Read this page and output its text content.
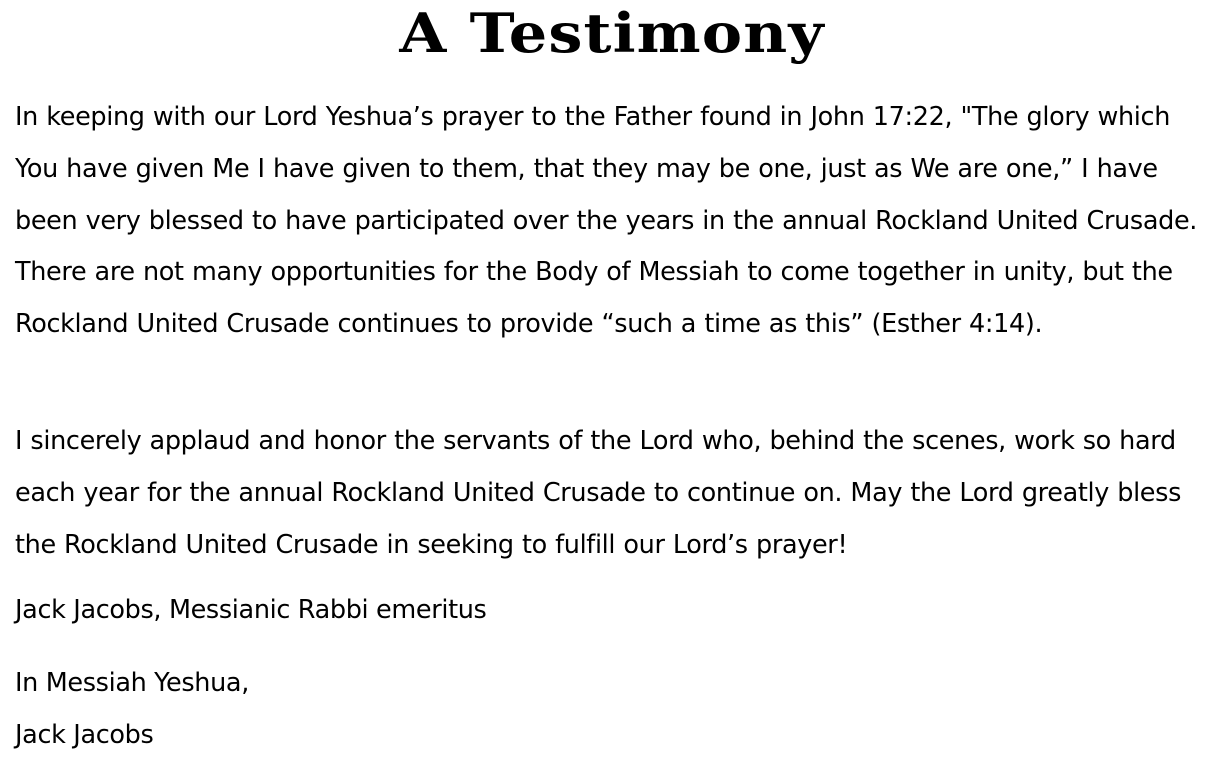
A Testimony

In keeping with our Lord Yeshua’s prayer to the Father found in John 17:22, "The glory which You have given Me I have given to them, that they may be one, just as We are one,” I have been very blessed to have participated over the years in the annual Rockland United Crusade. There are not many opportunities for the Body of Messiah to come together in unity, but the Rockland United Crusade continues to provide “such a time as this” (Esther 4:14).

I sincerely applaud and honor the servants of the Lord who, behind the scenes, work so hard each year for the annual Rockland United Crusade to continue on. May the Lord greatly bless the Rockland United Crusade in seeking to fulfill our Lord’s prayer!

Jack Jacobs, Messianic Rabbi emeritus

In Messiah Yeshua,

Jack Jacobs
